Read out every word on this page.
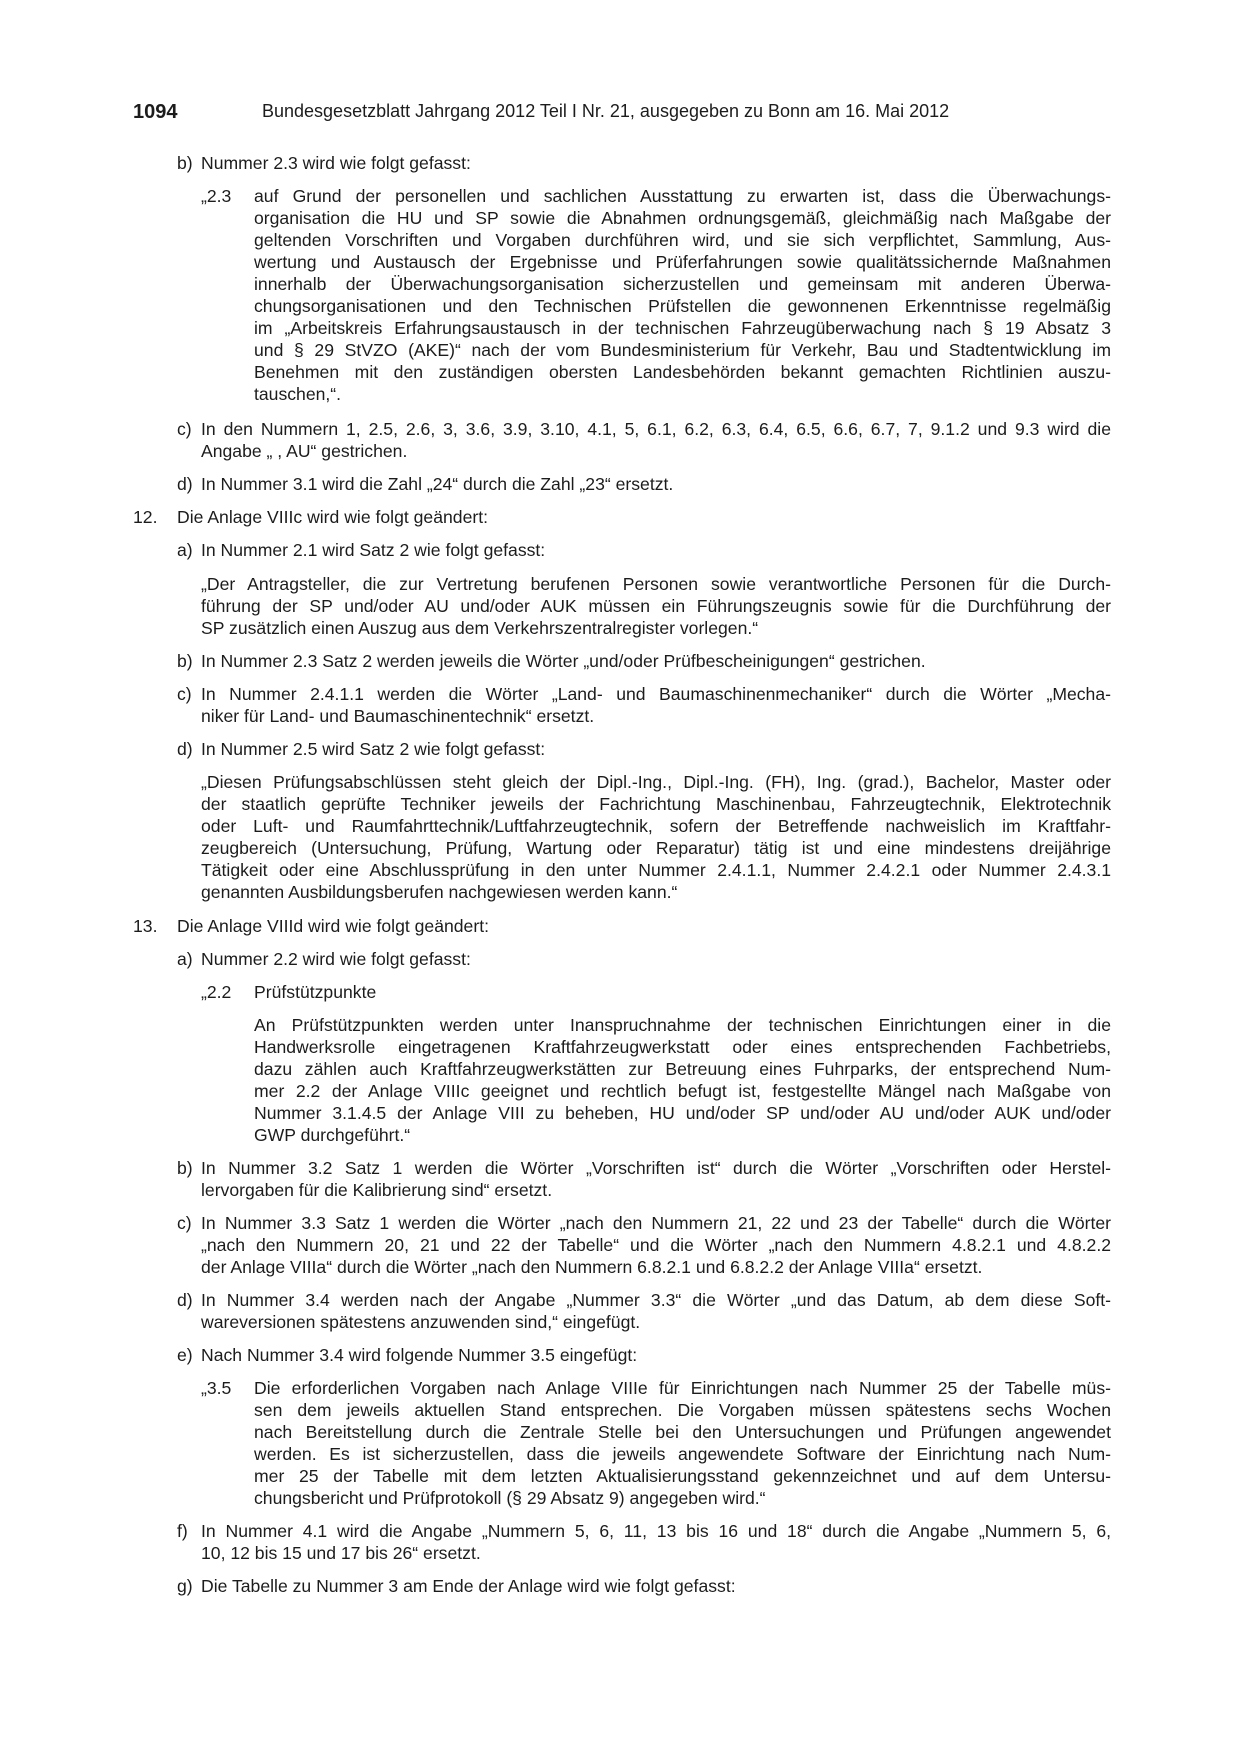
1094	Bundesgesetzblatt Jahrgang 2012 Teil I Nr. 21, ausgegeben zu Bonn am 16. Mai 2012
b) Nummer 2.3 wird wie folgt gefasst:
„2.3 auf Grund der personellen und sachlichen Ausstattung zu erwarten ist, dass die Überwachungs-
organisation die HU und SP sowie die Abnahmen ordnungsgemäß, gleichmäßig nach Maßgabe der
geltenden Vorschriften und Vorgaben durchführen wird, und sie sich verpflichtet, Sammlung, Aus-
wertung und Austausch der Ergebnisse und Prüferfahrungen sowie qualitätssichernde Maßnahmen
innerhalb der Überwachungsorganisation sicherzustellen und gemeinsam mit anderen Überwa-
chungsorganisationen und den Technischen Prüfstellen die gewonnenen Erkenntnisse regelmäßig
im „Arbeitskreis Erfahrungsaustausch in der technischen Fahrzeugüberwachung nach § 19 Absatz 3
und § 29 StVZO (AKE)“ nach der vom Bundesministerium für Verkehr, Bau und Stadtentwicklung im
Benehmen mit den zuständigen obersten Landesbehörden bekannt gemachten Richtlinien auszu-
tauschen,“.
c) In den Nummern 1, 2.5, 2.6, 3, 3.6, 3.9, 3.10, 4.1, 5, 6.1, 6.2, 6.3, 6.4, 6.5, 6.6, 6.7, 7, 9.1.2 und 9.3 wird die
Angabe „ , AU“ gestrichen.
d) In Nummer 3.1 wird die Zahl „24“ durch die Zahl „23“ ersetzt.
12. Die Anlage VIIIc wird wie folgt geändert:
a) In Nummer 2.1 wird Satz 2 wie folgt gefasst:
„Der Antragsteller, die zur Vertretung berufenen Personen sowie verantwortliche Personen für die Durch-
führung der SP und/oder AU und/oder AUK müssen ein Führungszeugnis sowie für die Durchführung der
SP zusätzlich einen Auszug aus dem Verkehrszentralregister vorlegen.“
b) In Nummer 2.3 Satz 2 werden jeweils die Wörter „und/oder Prüfbescheinigungen“ gestrichen.
c) In Nummer 2.4.1.1 werden die Wörter „Land- und Baumaschinenmechaniker“ durch die Wörter „Mecha-
niker für Land- und Baumaschinentechnik“ ersetzt.
d) In Nummer 2.5 wird Satz 2 wie folgt gefasst:
„Diesen Prüfungsabschlüssen steht gleich der Dipl.-Ing., Dipl.-Ing. (FH), Ing. (grad.), Bachelor, Master oder
der staatlich geprüfte Techniker jeweils der Fachrichtung Maschinenbau, Fahrzeugtechnik, Elektrotechnik
oder Luft- und Raumfahrttechnik/Luftfahrzeugtechnik, sofern der Betreffende nachweislich im Kraftfahr-
zeugbereich (Untersuchung, Prüfung, Wartung oder Reparatur) tätig ist und eine mindestens dreijährige
Tätigkeit oder eine Abschlussprüfung in den unter Nummer 2.4.1.1, Nummer 2.4.2.1 oder Nummer 2.4.3.1
genannten Ausbildungsberufen nachgewiesen werden kann.“
13. Die Anlage VIIId wird wie folgt geändert:
a) Nummer 2.2 wird wie folgt gefasst:
„2.2 Prüfstützpunkte
An Prüfstützpunkten werden unter Inanspruchnahme der technischen Einrichtungen einer in die
Handwerksrolle eingetragenen Kraftfahrzeugwerkstatt oder eines entsprechenden Fachbetriebs,
dazu zählen auch Kraftfahrzeugwerkstätten zur Betreuung eines Fuhrparks, der entsprechend Num-
mer 2.2 der Anlage VIIIc geeignet und rechtlich befugt ist, festgestellte Mängel nach Maßgabe von
Nummer 3.1.4.5 der Anlage VIII zu beheben, HU und/oder SP und/oder AU und/oder AUK und/oder
GWP durchgeführt.“
b) In Nummer 3.2 Satz 1 werden die Wörter „Vorschriften ist“ durch die Wörter „Vorschriften oder Herstel-
lervorgaben für die Kalibrierung sind“ ersetzt.
c) In Nummer 3.3 Satz 1 werden die Wörter „nach den Nummern 21, 22 und 23 der Tabelle“ durch die Wörter
„nach den Nummern 20, 21 und 22 der Tabelle“ und die Wörter „nach den Nummern 4.8.2.1 und 4.8.2.2
der Anlage VIIIa“ durch die Wörter „nach den Nummern 6.8.2.1 und 6.8.2.2 der Anlage VIIIa“ ersetzt.
d) In Nummer 3.4 werden nach der Angabe „Nummer 3.3“ die Wörter „und das Datum, ab dem diese Soft-
wareversionen spätestens anzuwenden sind,“ eingefügt.
e) Nach Nummer 3.4 wird folgende Nummer 3.5 eingefügt:
„3.5 Die erforderlichen Vorgaben nach Anlage VIIIe für Einrichtungen nach Nummer 25 der Tabelle müs-
sen dem jeweils aktuellen Stand entsprechen. Die Vorgaben müssen spätestens sechs Wochen
nach Bereitstellung durch die Zentrale Stelle bei den Untersuchungen und Prüfungen angewendet
werden. Es ist sicherzustellen, dass die jeweils angewendete Software der Einrichtung nach Num-
mer 25 der Tabelle mit dem letzten Aktualisierungsstand gekennzeichnet und auf dem Untersu-
chungsbericht und Prüfprotokoll (§ 29 Absatz 9) angegeben wird.“
f) In Nummer 4.1 wird die Angabe „Nummern 5, 6, 11, 13 bis 16 und 18“ durch die Angabe „Nummern 5, 6,
10, 12 bis 15 und 17 bis 26“ ersetzt.
g) Die Tabelle zu Nummer 3 am Ende der Anlage wird wie folgt gefasst:
